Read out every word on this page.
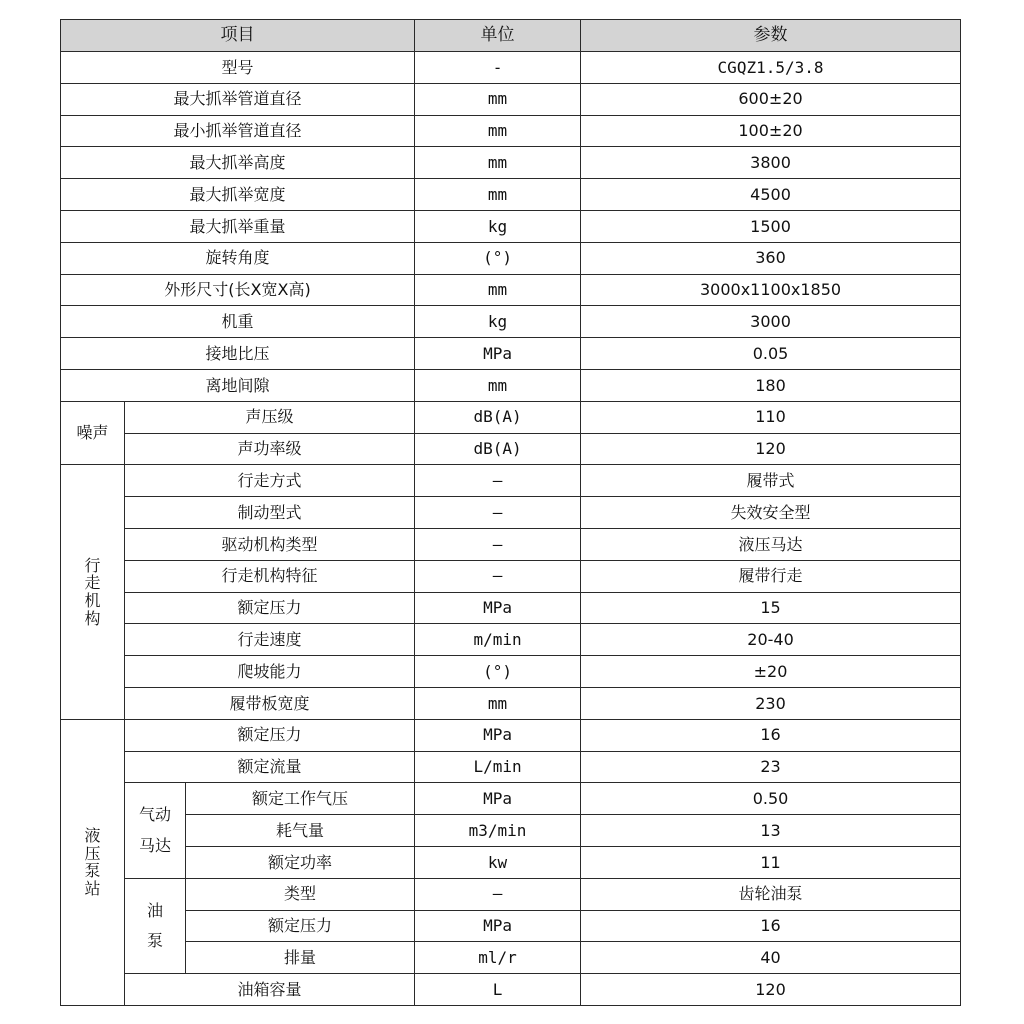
项目			单位	参数
型号			-	CGQZ1.5/3.8
最大抓举管道直径			mm	600±20
最小抓举管道直径			mm	100±20
最大抓举高度			mm	3800
最大抓举宽度			mm	4500
最大抓举重量			kg	1500
旋转角度			(°)	360
外形尺寸(长X宽X高)			mm	3000x1100x1850
机重			kg	3000
接地比压			MPa	0.05
离地间隙			mm	180
噪声	声压级		dB(A)	110
	声功率级		dB(A)	120
行走机构	行走方式		—	履带式
	制动型式		—	失效安全型
	驱动机构类型		—	液压马达
	行走机构特征		—	履带行走
	额定压力		MPa	15
	行走速度		m/min	20-40
	爬坡能力		(°)	±20
	履带板宽度		mm	230
液压泵站	额定压力		MPa	16
	额定流量		L/min	23
	气动马达	额定工作气压	MPa	0.50
		耗气量	m3/min	13
		额定功率	kw	11
	油泵	类型	—	齿轮油泵
		额定压力	MPa	16
		排量	ml/r	40
	油箱容量		L	120
